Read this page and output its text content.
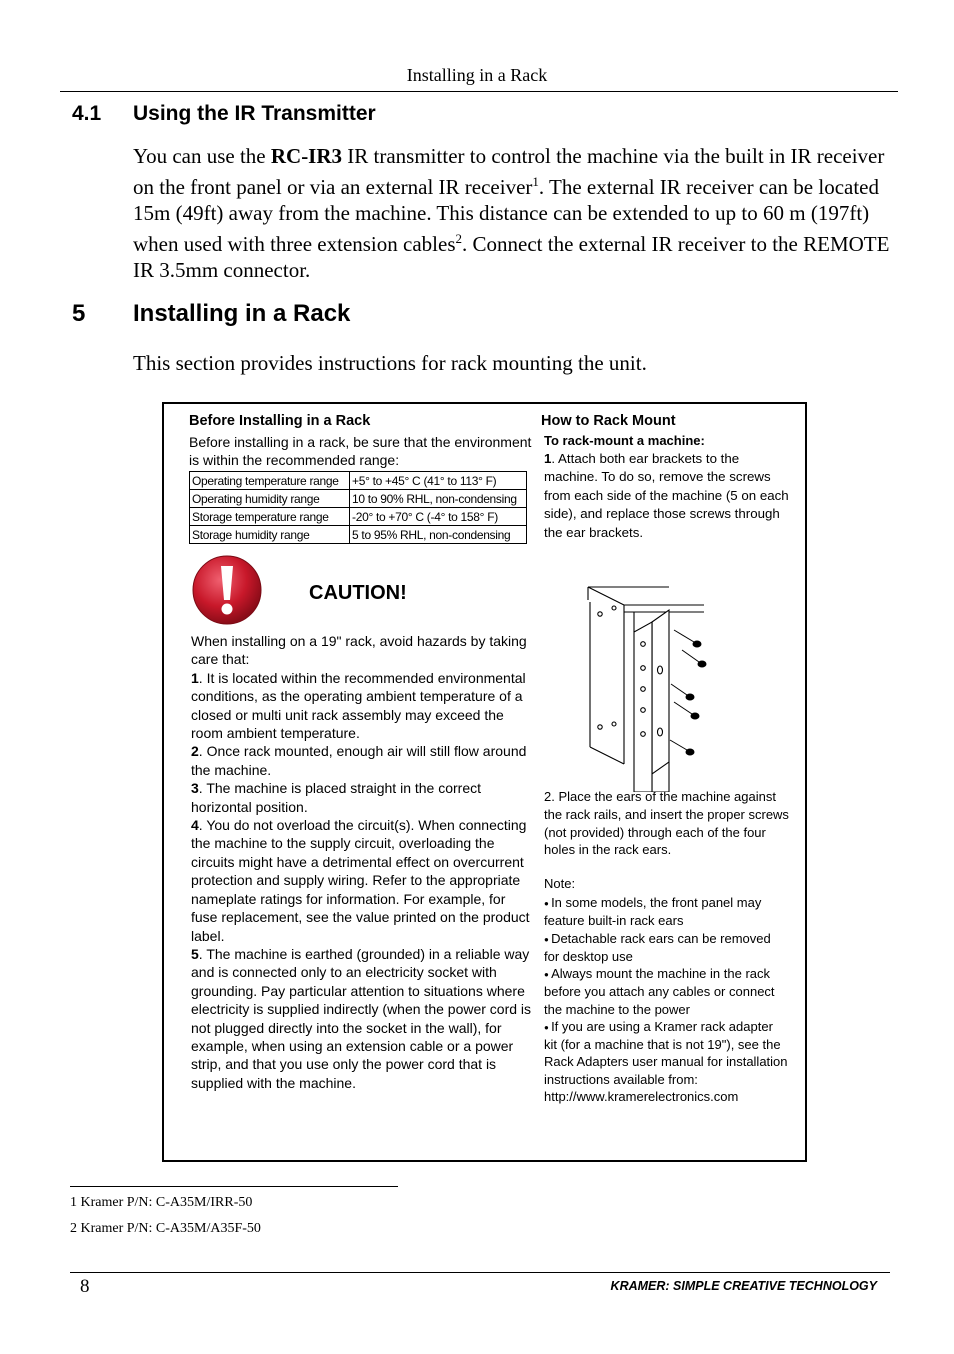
Installing in a Rack
4.1 Using the IR Transmitter
You can use the RC-IR3 IR transmitter to control the machine via the built in IR receiver on the front panel or via an external IR receiver$^1$. The external IR receiver can be located 15m (49ft) away from the machine. This distance can be extended to up to 60 m (197ft) when used with three extension cables$^2$. Connect the external IR receiver to the REMOTE IR 3.5mm connector.
5 Installing in a Rack
This section provides instructions for rack mounting the unit.
Before Installing in a Rack
Before installing in a rack, be sure that the environment is within the recommended range:
Operating temperature range	+5° to +45° C (41° to 113° F)
Operating humidity range	10 to 90% RHL, non-condensing
Storage temperature range	-20° to +70° C (-4° to 158° F)
Storage humidity range	5 to 95% RHL, non-condensing
CAUTION!
When installing on a 19" rack, avoid hazards by taking care that:
1. It is located within the recommended environmental conditions, as the operating ambient temperature of a closed or multi unit rack assembly may exceed the room ambient temperature.
2. Once rack mounted, enough air will still flow around the machine.
3. The machine is placed straight in the correct horizontal position.
4. You do not overload the circuit(s). When connecting the machine to the supply circuit, overloading the circuits might have a detrimental effect on overcurrent protection and supply wiring. Refer to the appropriate nameplate ratings for information. For example, for fuse replacement, see the value printed on the product label.
5. The machine is earthed (grounded) in a reliable way and is connected only to an electricity socket with grounding. Pay particular attention to situations where electricity is supplied indirectly (when the power cord is not plugged directly into the socket in the wall), for example, when using an extension cable or a power strip, and that you use only the power cord that is supplied with the machine.
How to Rack Mount
To rack-mount a machine:
1. Attach both ear brackets to the machine. To do so, remove the screws from each side of the machine (5 on each side), and replace those screws through the ear brackets.
2. Place the ears of the machine against the rack rails, and insert the proper screws (not provided) through each of the four holes in the rack ears.
Note:
● In some models, the front panel may feature built-in rack ears
● Detachable rack ears can be removed for desktop use
● Always mount the machine in the rack before you attach any cables or connect the machine to the power
● If you are using a Kramer rack adapter kit (for a machine that is not 19"), see the Rack Adapters user manual for installation instructions available from: http://www.kramerelectronics.com
1 Kramer P/N: C-A35M/IRR-50
2 Kramer P/N: C-A35M/A35F-50
8	KRAMER: SIMPLE CREATIVE TECHNOLOGY
